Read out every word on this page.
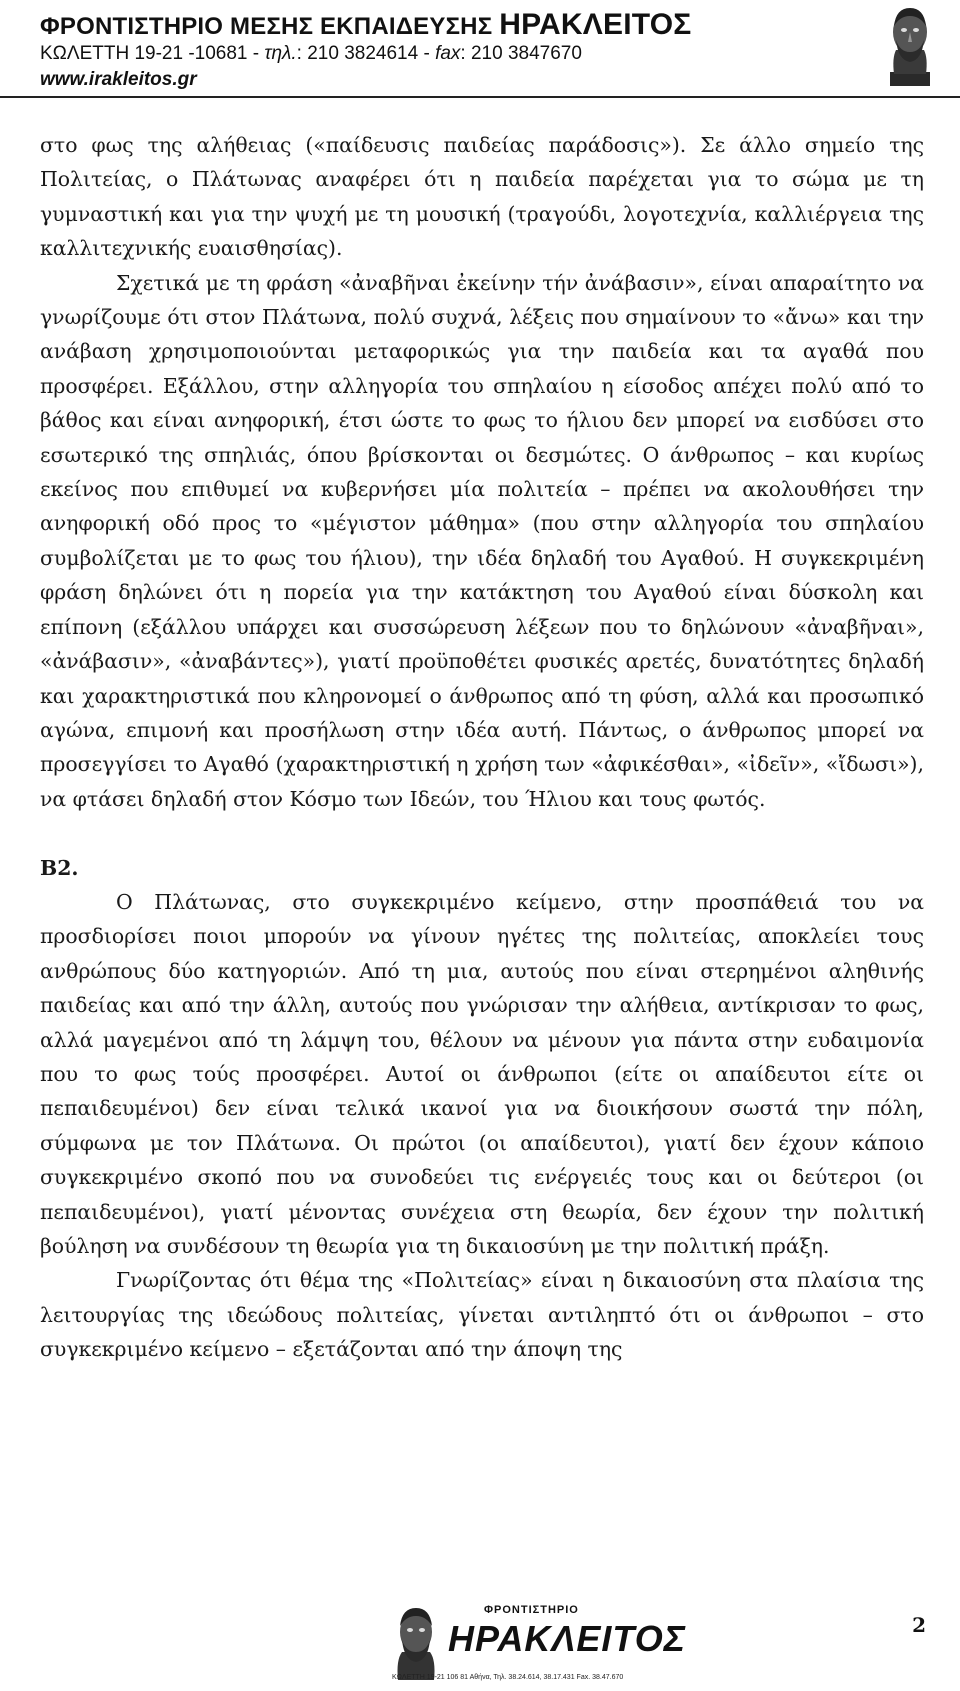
ΦΡΟΝΤΙΣΤΗΡΙΟ ΜΕΣΗΣ ΕΚΠΑΙΔΕΥΣΗΣ ΗΡΑΚΛΕΙΤΟΣ
ΚΩΛΕΤΤΗ 19-21 -10681 - τηλ.: 210 3824614 - fax: 210 3847670
www.irakleitos.gr

στο φως της αλήθειας («παίδευσις παιδείας παράδοσις»). Σε άλλο σημείο της Πολιτείας, ο Πλάτωνας αναφέρει ότι η παιδεία παρέχεται για το σώμα με τη γυμναστική και για την ψυχή με τη μουσική (τραγούδι, λογοτεχνία, καλλιέργεια της καλλιτεχνικής ευαισθησίας).

Σχετικά με τη φράση «ἀναβῆναι ἐκείνην τήν ἀνάβασιν», είναι απαραίτητο να γνωρίζουμε ότι στον Πλάτωνα, πολύ συχνά, λέξεις που σημαίνουν το «ἄνω» και την ανάβαση χρησιμοποιούνται μεταφορικώς για την παιδεία και τα αγαθά που προσφέρει. Εξάλλου, στην αλληγορία του σπηλαίου η είσοδος απέχει πολύ από το βάθος και είναι ανηφορική, έτσι ώστε το φως το ήλιου δεν μπορεί να εισδύσει στο εσωτερικό της σπηλιάς, όπου βρίσκονται οι δεσμώτες. Ο άνθρωπος – και κυρίως εκείνος που επιθυμεί να κυβερνήσει μία πολιτεία – πρέπει να ακολουθήσει την ανηφορική οδό προς το «μέγιστον μάθημα» (που στην αλληγορία του σπηλαίου συμβολίζεται με το φως του ήλιου), την ιδέα δηλαδή του Αγαθού. Η συγκεκριμένη φράση δηλώνει ότι η πορεία για την κατάκτηση του Αγαθού είναι δύσκολη και επίπονη (εξάλλου υπάρχει και συσσώρευση λέξεων που το δηλώνουν «ἀναβῆναι», «ἀνάβασιν», «ἀναβάντες»), γιατί προϋποθέτει φυσικές αρετές, δυνατότητες δηλαδή και χαρακτηριστικά που κληρονομεί ο άνθρωπος από τη φύση, αλλά και προσωπικό αγώνα, επιμονή και προσήλωση στην ιδέα αυτή. Πάντως, ο άνθρωπος μπορεί να προσεγγίσει το Αγαθό (χαρακτηριστική η χρήση των «ἀφικέσθαι», «ἰδεῖν», «ἴδωσι»), να φτάσει δηλαδή στον Κόσμο των Ιδεών, του Ήλιου και τους φωτός.

Β2.

Ο Πλάτωνας, στο συγκεκριμένο κείμενο, στην προσπάθειά του να προσδιορίσει ποιοι μπορούν να γίνουν ηγέτες της πολιτείας, αποκλείει τους ανθρώπους δύο κατηγοριών. Από τη μια, αυτούς που είναι στερημένοι αληθινής παιδείας και από την άλλη, αυτούς που γνώρισαν την αλήθεια, αντίκρισαν το φως, αλλά μαγεμένοι από τη λάμψη του, θέλουν να μένουν για πάντα στην ευδαιμονία που το φως τούς προσφέρει. Αυτοί οι άνθρωποι (είτε οι απαίδευτοι είτε οι πεπαιδευμένοι) δεν είναι τελικά ικανοί για να διοικήσουν σωστά την πόλη, σύμφωνα με τον Πλάτωνα. Οι πρώτοι (οι απαίδευτοι), γιατί δεν έχουν κάποιο συγκεκριμένο σκοπό που να συνοδεύει τις ενέργειές τους και οι δεύτεροι (οι πεπαιδευμένοι), γιατί μένοντας συνέχεια στη θεωρία, δεν έχουν την πολιτική βούληση να συνδέσουν τη θεωρία για τη δικαιοσύνη με την πολιτική πράξη.

Γνωρίζοντας ότι θέμα της «Πολιτείας» είναι η δικαιοσύνη στα πλαίσια της λειτουργίας της ιδεώδους πολιτείας, γίνεται αντιληπτό ότι οι άνθρωποι – στο συγκεκριμένο κείμενο – εξετάζονται από την άποψη της

ΦΡΟΝΤΙΣΤΗΡΙΟ
ΗΡΑΚΛΕΙΤΟΣ
ΚΩΛΕΤΤΗ 19-21 106 81 Αθήνα, Τηλ. 38.24.614, 38.17.431 Fax. 38.47.670
2
